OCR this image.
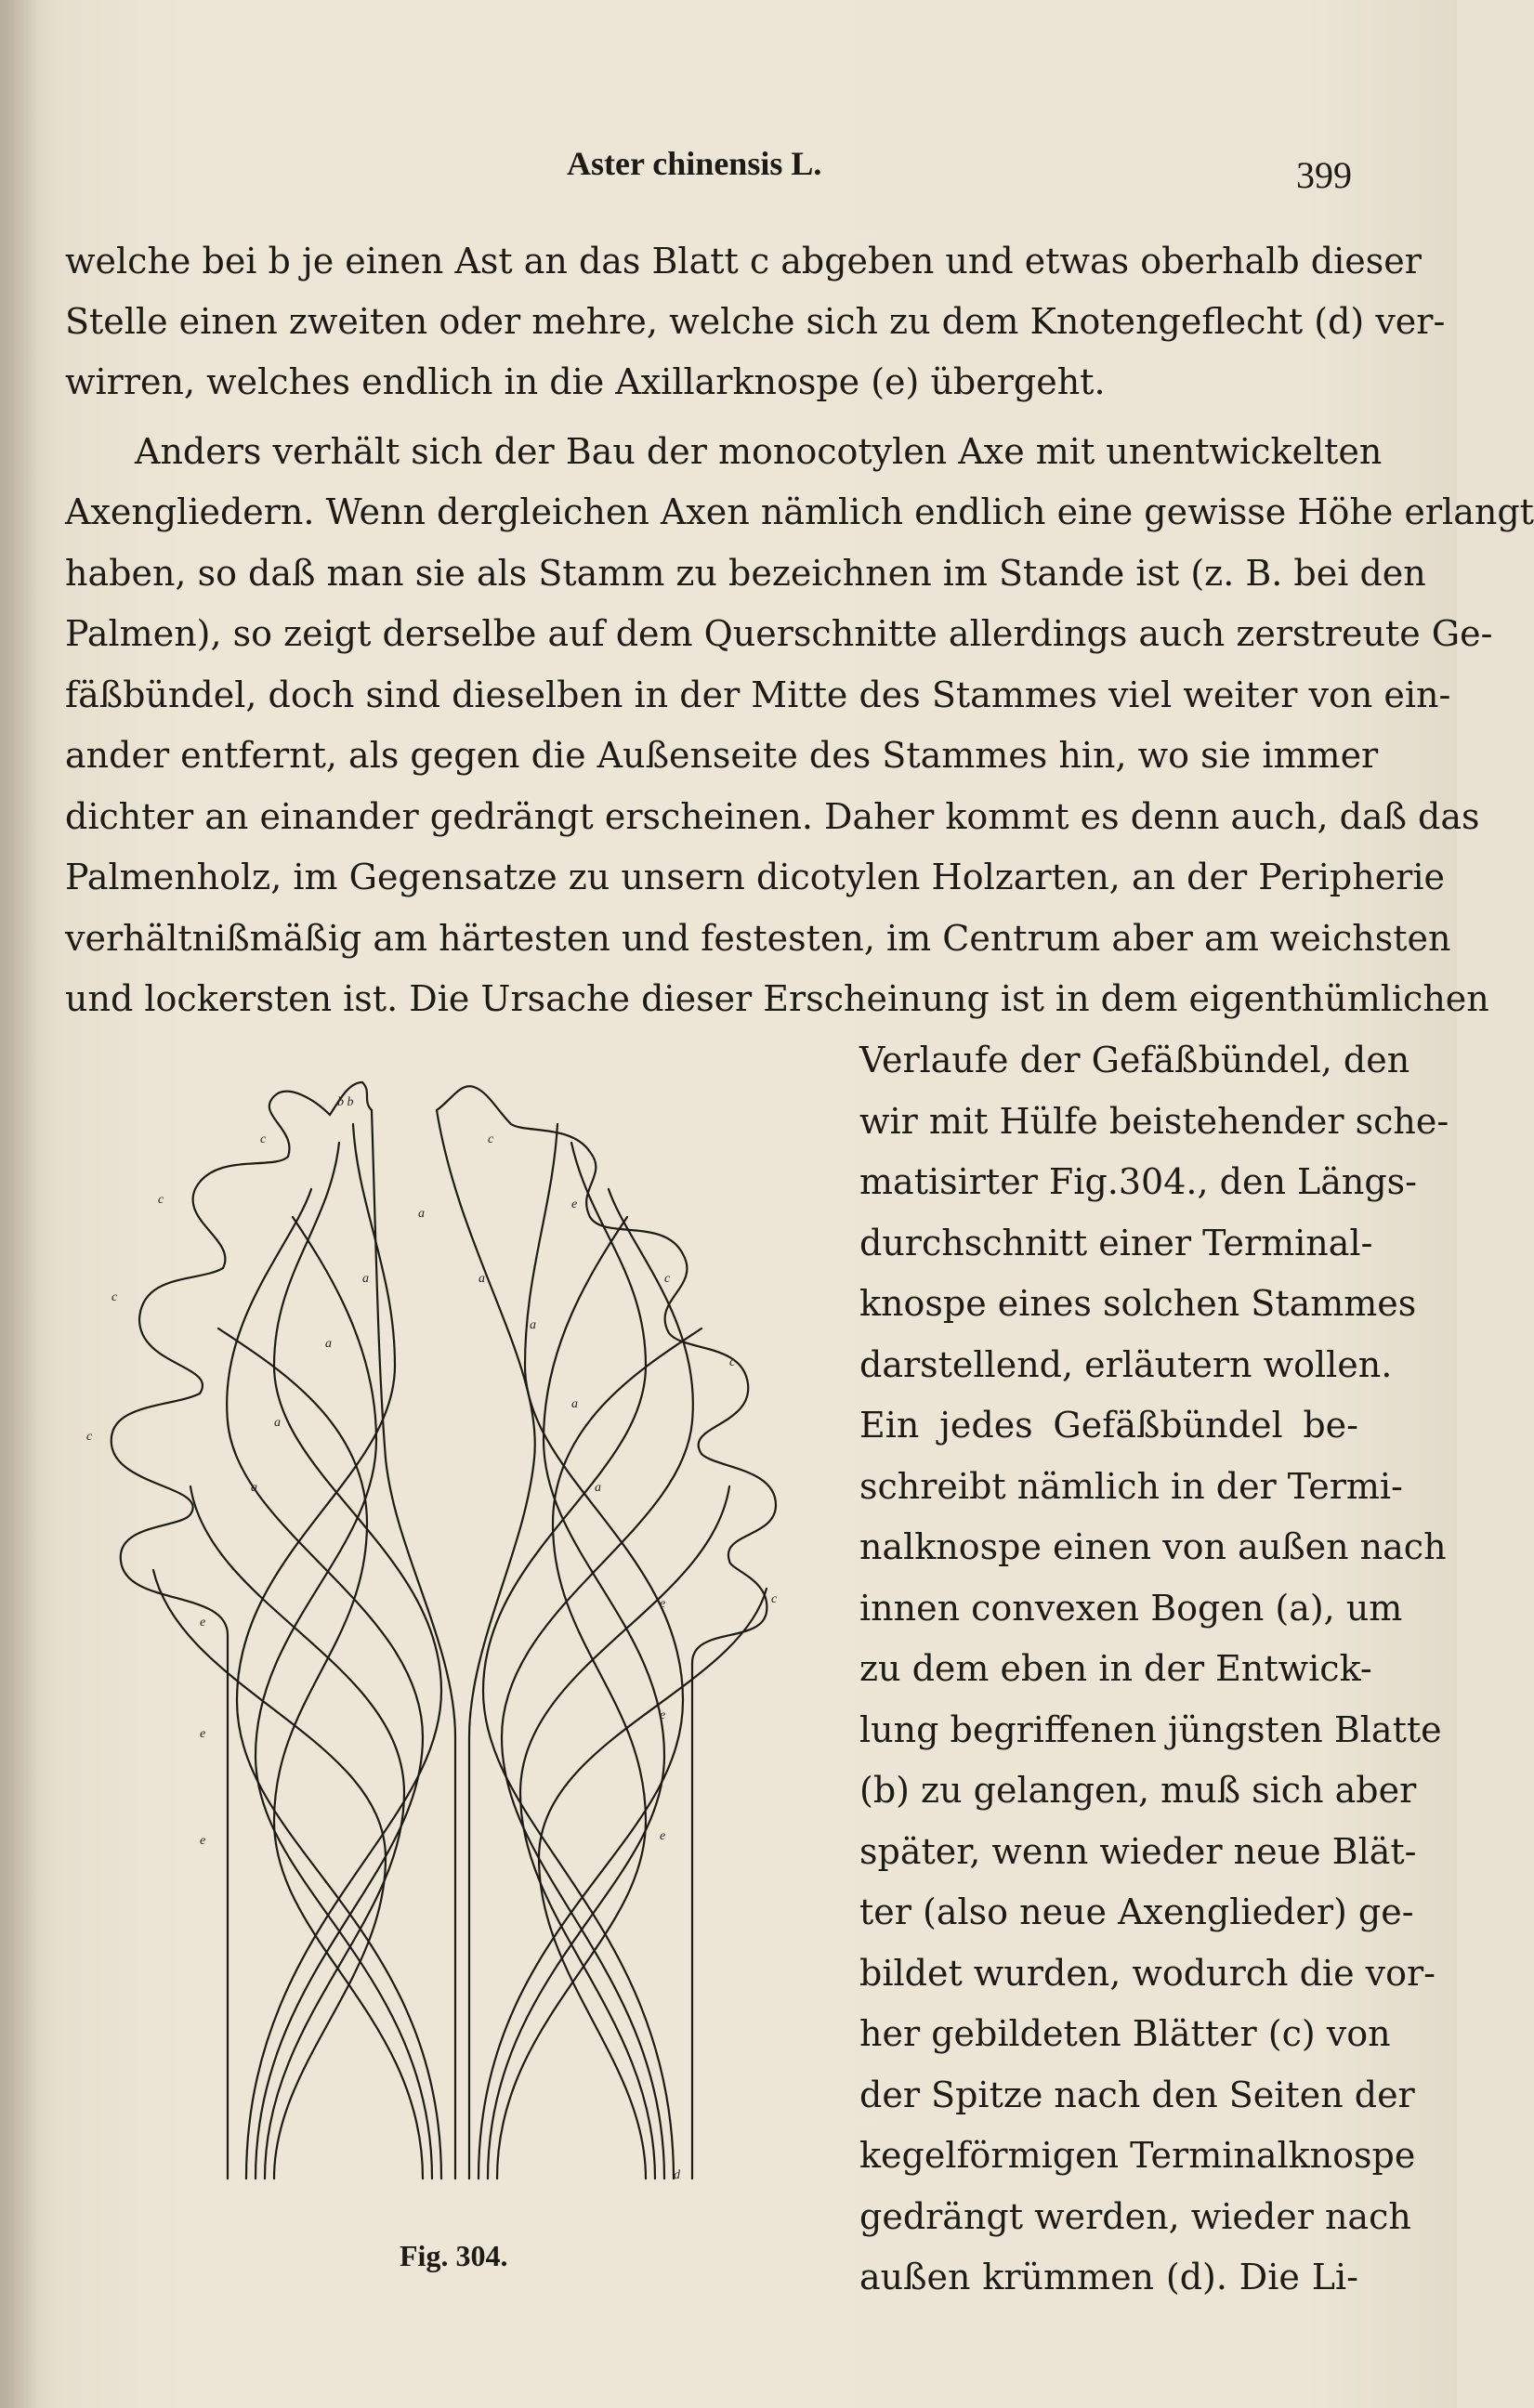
Aster chinensis L.	399
welche bei b je einen Ast an das Blatt c abgeben und etwas oberhalb dieser
Stelle einen zweiten oder mehre, welche sich zu dem Knotengeflecht (d) ver-
wirren, welches endlich in die Axillarknospe (e) übergeht.
Anders verhält sich der Bau der monocotylen Axe mit unentwickelten
Axengliedern. Wenn dergleichen Axen nämlich endlich eine gewisse Höhe erlangt
haben, so daß man sie als Stamm zu bezeichnen im Stande ist (z. B. bei den
Palmen), so zeigt derselbe auf dem Querschnitte allerdings auch zerstreute Ge-
fäßbündel, doch sind dieselben in der Mitte des Stammes viel weiter von ein-
ander entfernt, als gegen die Außenseite des Stammes hin, wo sie immer
dichter an einander gedrängt erscheinen. Daher kommt es denn auch, daß das
Palmenholz, im Gegensatze zu unsern dicotylen Holzarten, an der Peripherie
verhältnißmäßig am härtesten und festesten, im Centrum aber am weichsten
und lockersten ist. Die Ursache dieser Erscheinung ist in dem eigenthümlichen
Verlaufe der Gefäßbündel, den
wir mit Hülfe beistehender sche-
matisirter Fig.304., den Längs-
durchschnitt einer Terminal-
knospe eines solchen Stammes
darstellend, erläutern wollen.
Ein jedes Gefäßbündel be-
schreibt nämlich in der Termi-
nalknospe einen von außen nach
innen convexen Bogen (a), um
zu dem eben in der Entwick-
lung begriffenen jüngsten Blatte
(b) zu gelangen, muß sich aber
später, wenn wieder neue Blät-
ter (also neue Axenglieder) ge-
bildet wurden, wodurch die vor-
her gebildeten Blätter (c) von
der Spitze nach den Seiten der
kegelförmigen Terminalknospe
gedrängt werden, wieder nach
außen krümmen (d). Die Li-
b b
c	c
c	e
c
c
c
c
c
a
a	a
a
a
a
a
a	a
e
e
e
e
e	e
d
Fig. 304.
